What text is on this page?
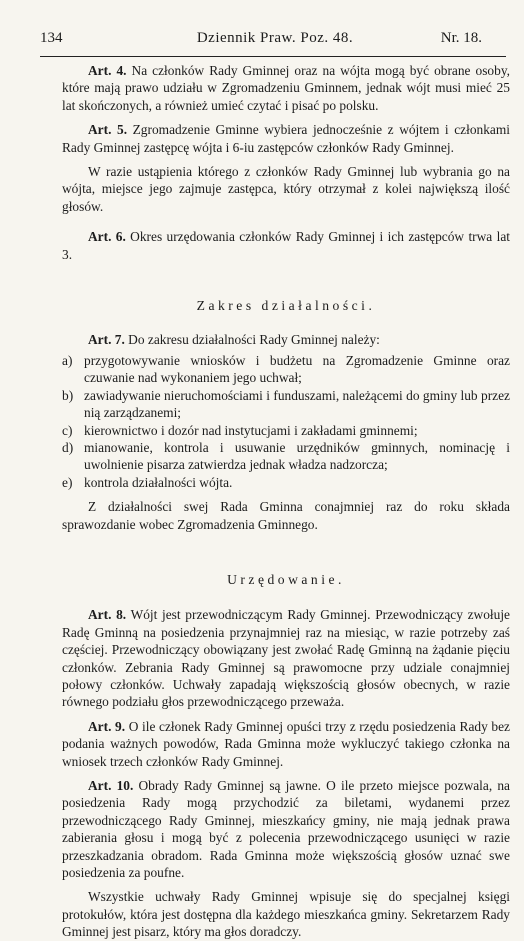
134	Dziennik Praw. Poz. 48.	Nr. 18.

Art. 4. Na członków Rady Gminnej oraz na wójta mogą być obrane osoby, które mają prawo udziału w Zgromadzeniu Gminnem, jednak wójt musi mieć 25 lat skończonych, a również umieć czytać i pisać po polsku.

Art. 5. Zgromadzenie Gminne wybiera jednocześnie z wójtem i członkami Rady Gminnej zastępcę wójta i 6-iu zastępców członków Rady Gminnej.

W razie ustąpienia którego z członków Rady Gminnej lub wybrania go na wójta, miejsce jego zajmuje zastępca, który otrzymał z kolei największą ilość głosów.

Art. 6. Okres urzędowania członków Rady Gminnej i ich zastępców trwa lat 3.

Zakres działalności.

Art. 7. Do zakresu działalności Rady Gminnej należy:

a) przygotowywanie wniosków i budżetu na Zgromadzenie Gminne oraz czuwanie nad wykonaniem jego uchwał;
b) zawiadywanie nieruchomościami i funduszami, należącemi do gminy lub przez nią zarządzanemi;
c) kierownictwo i dozór nad instytucjami i zakładami gminnemi;
d) mianowanie, kontrola i usuwanie urzędników gminnych, nominację i uwolnienie pisarza zatwierdza jednak władza nadzorcza;
e) kontrola działalności wójta.

Z działalności swej Rada Gminna conajmniej raz do roku składa sprawozdanie wobec Zgromadzenia Gminnego.

Urzędowanie.

Art. 8. Wójt jest przewodniczącym Rady Gminnej. Przewodniczący zwołuje Radę Gminną na posiedzenia przynajmniej raz na miesiąc, w razie potrzeby zaś częściej. Przewodniczący obowiązany jest zwołać Radę Gminną na żądanie pięciu członków. Zebrania Rady Gminnej są prawomocne przy udziale conajmniej połowy członków. Uchwały zapadają większością głosów obecnych, w razie równego podziału głos przewodniczącego przeważa.

Art. 9. O ile członek Rady Gminnej opuści trzy z rzędu posiedzenia Rady bez podania ważnych powodów, Rada Gminna może wykluczyć takiego członka na wniosek trzech członków Rady Gminnej.

Art. 10. Obrady Rady Gminnej są jawne. O ile przeto miejsce pozwala, na posiedzenia Rady mogą przychodzić za biletami, wydanemi przez przewodniczącego Rady Gminnej, mieszkańcy gminy, nie mają jednak prawa zabierania głosu i mogą być z polecenia przewodniczącego usunięci w razie przeszkadzania obradom. Rada Gminna może większością głosów uznać swe posiedzenia za poufne.

Wszystkie uchwały Rady Gminnej wpisuje się do specjalnej księgi protokułów, która jest dostępna dla każdego mieszkańca gminy. Sekretarzem Rady Gminnej jest pisarz, który ma głos doradczy.
